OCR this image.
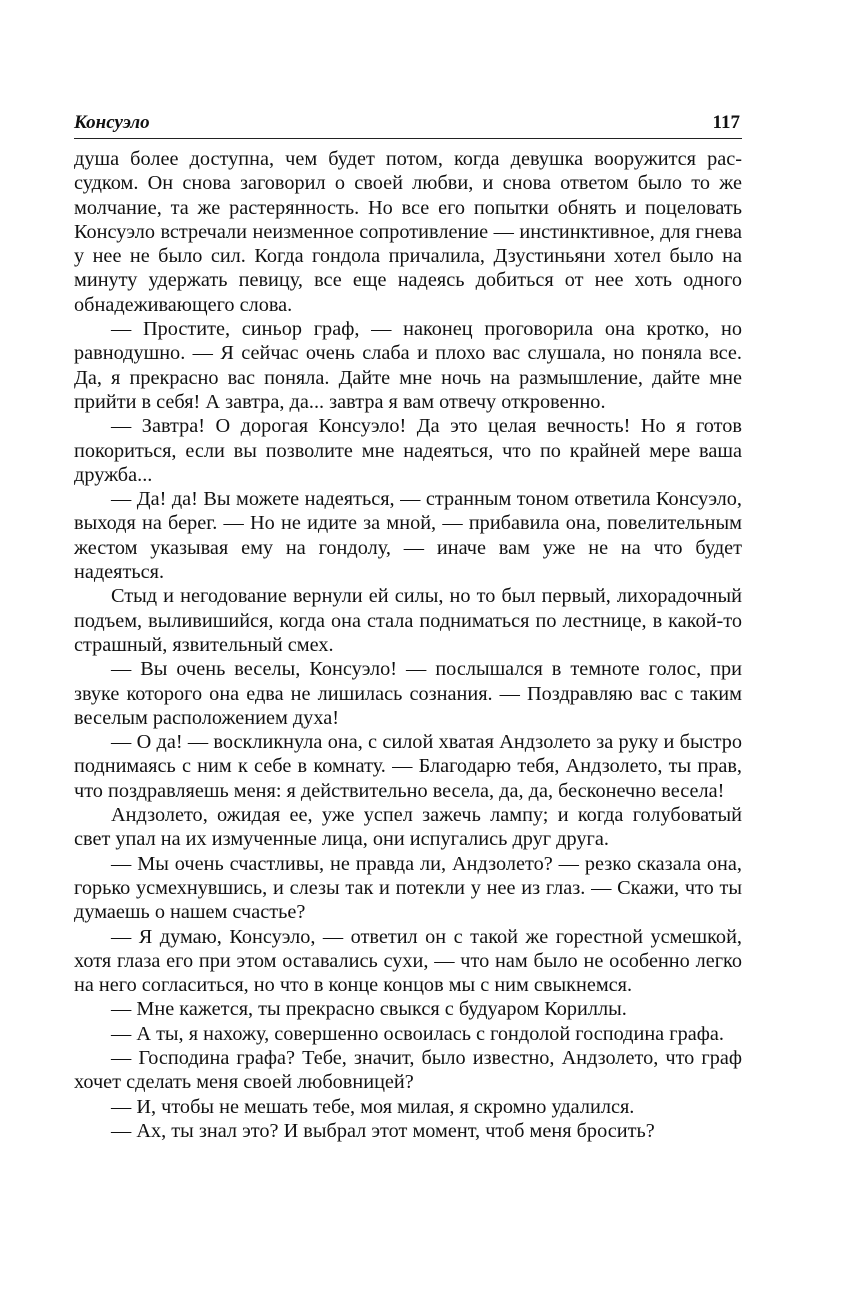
Консуэло	117

душа более доступна, чем будет потом, когда девушка вооружится рассудком. Он снова заговорил о своей любви, и снова ответом было то же молчание, та же растерянность. Но все его попытки обнять и поцеловать Консуэло встречали неизменное сопротивление — инстинктивное, для гнева у нее не было сил. Когда гондола причалила, Дзустиньяни хотел было на минуту удержать певицу, все еще надеясь добиться от нее хоть одного обнадеживающего слова.

— Простите, синьор граф, — наконец проговорила она кротко, но равнодушно. — Я сейчас очень слаба и плохо вас слушала, но поняла все. Да, я прекрасно вас поняла. Дайте мне ночь на размышление, дайте мне прийти в себя! А завтра, да... завтра я вам отвечу откровенно.

— Завтра! О дорогая Консуэло! Да это целая вечность! Но я готов покориться, если вы позволите мне надеяться, что по крайней мере ваша дружба...

— Да! да! Вы можете надеяться, — странным тоном ответила Консуэло, выходя на берег. — Но не идите за мной, — прибавила она, повелительным жестом указывая ему на гондолу, — иначе вам уже не на что будет надеяться.

Стыд и негодование вернули ей силы, но то был первый, лихорадочный подъем, выливишийся, когда она стала подниматься по лестнице, в какой-то страшный, язвительный смех.

— Вы очень веселы, Консуэло! — послышался в темноте голос, при звуке которого она едва не лишилась сознания. — Поздравляю вас с таким веселым расположением духа!

— О да! — воскликнула она, с силой хватая Андзолето за руку и быстро поднимаясь с ним к себе в комнату. — Благодарю тебя, Андзолето, ты прав, что поздравляешь меня: я действительно весела, да, да, бесконечно весела!

Андзолето, ожидая ее, уже успел зажечь лампу; и когда голубоватый свет упал на их измученные лица, они испугались друг друга.

— Мы очень счастливы, не правда ли, Андзолето? — резко сказала она, горько усмехнувшись, и слезы так и потекли у нее из глаз. — Скажи, что ты думаешь о нашем счастье?

— Я думаю, Консуэло, — ответил он с такой же горестной усмешкой, хотя глаза его при этом оставались сухи, — что нам было не особенно легко на него согласиться, но что в конце концов мы с ним свыкнемся.

— Мне кажется, ты прекрасно свыкся с будуаром Кориллы.

— А ты, я нахожу, совершенно освоилась с гондолой господина графа.

— Господина графа? Тебе, значит, было известно, Андзолето, что граф хочет сделать меня своей любовницей?

— И, чтобы не мешать тебе, моя милая, я скромно удалился.

— Ах, ты знал это? И выбрал этот момент, чтоб меня бросить?
